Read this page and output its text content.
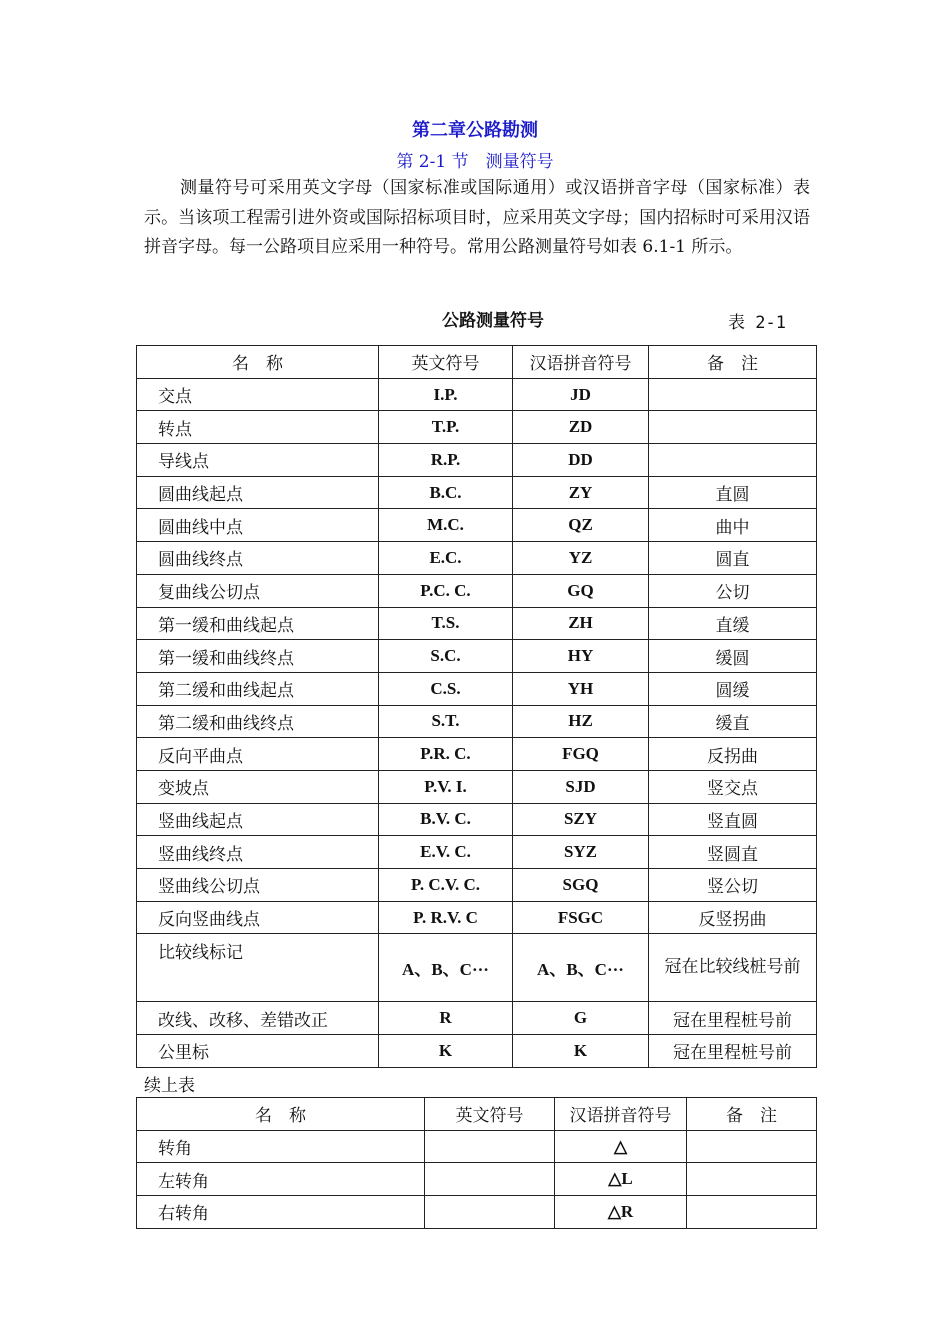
第二章公路勘测
第 2-1 节　测量符号
测量符号可采用英文字母（国家标准或国际通用）或汉语拼音字母（国家标准）表示。当该项工程需引进外资或国际招标项目时，应采用英文字母；国内招标时可采用汉语拼音字母。每一公路项目应采用一种符号。常用公路测量符号如表 6.1-1 所示。
公路测量符号	表 2-1
名　称	英文符号	汉语拼音符号	备　注
交点	I.P.	JD	
转点	T.P.	ZD	
导线点	R.P.	DD	
圆曲线起点	B.C.	ZY	直圆
圆曲线中点	M.C.	QZ	曲中
圆曲线终点	E.C.	YZ	圆直
复曲线公切点	P.C. C.	GQ	公切
第一缓和曲线起点	T.S.	ZH	直缓
第一缓和曲线终点	S.C.	HY	缓圆
第二缓和曲线起点	C.S.	YH	圆缓
第二缓和曲线终点	S.T.	HZ	缓直
反向平曲点	P.R. C.	FGQ	反拐曲
变坡点	P.V. I.	SJD	竖交点
竖曲线起点	B.V. C.	SZY	竖直圆
竖曲线终点	E.V. C.	SYZ	竖圆直
竖曲线公切点	P. C.V. C.	SGQ	竖公切
反向竖曲线点	P. R.V. C	FSGC	反竖拐曲
比较线标记	A、B、C···	A、B、C···	冠在比较线桩号前

改线、改移、差错改正	R	G	冠在里程桩号前
公里标	K	K	冠在里程桩号前
续上表
名　称	英文符号	汉语拼音符号	备　注
转角		△	
左转角		△L	
右转角		△R	
